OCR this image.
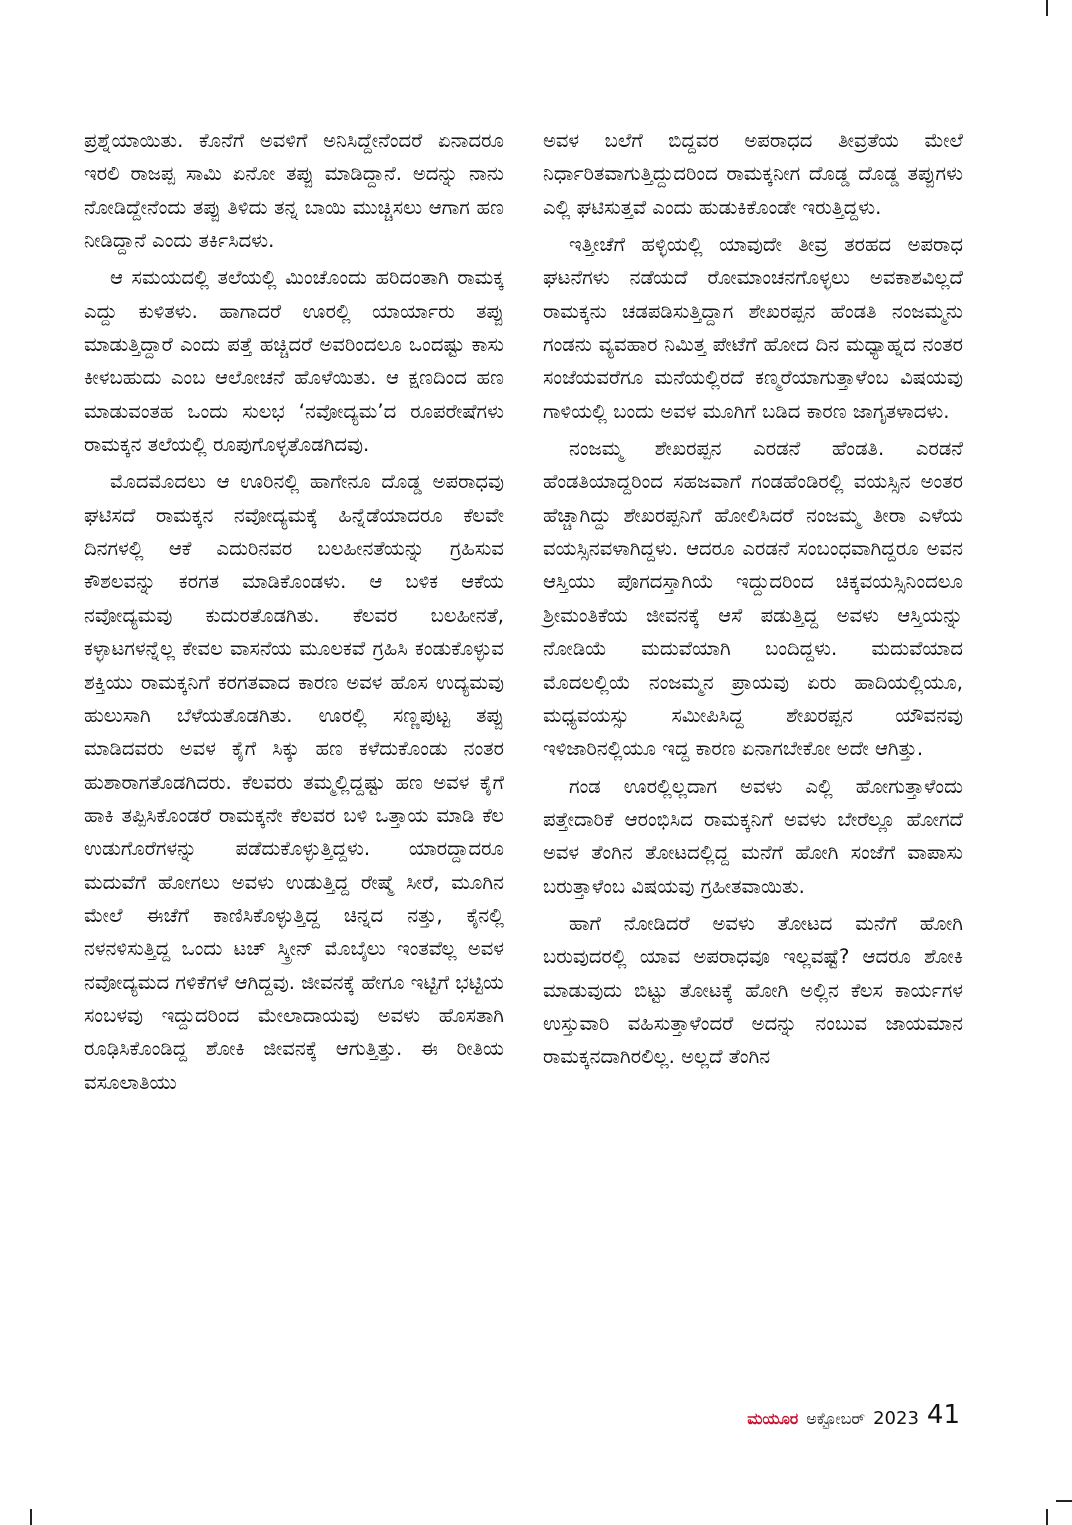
ಪ್ರಶ್ನೆಯಾಯಿತು. ಕೊನೆಗೆ ಅವಳಿಗೆ ಅನಿಸಿದ್ದೇನೆಂದರೆ ಏನಾದರೂ ಇರಲಿ ರಾಜಪ್ಪ ಸಾಮಿ ಏನೋ ತಪ್ಪು ಮಾಡಿದ್ದಾನೆ. ಅದನ್ನು ನಾನು ನೋಡಿದ್ದೇನೆಂದು ತಪ್ಪು ತಿಳಿದು ತನ್ನ ಬಾಯಿ ಮುಚ್ಚಿಸಲು ಆಗಾಗ ಹಣ ನೀಡಿದ್ದಾನೆ ಎಂದು ತರ್ಕಿಸಿದಳು.

ಆ ಸಮಯದಲ್ಲಿ ತಲೆಯಲ್ಲಿ ಮಿಂಚೊಂದು ಹರಿದಂತಾಗಿ ರಾಮಕ್ಕ ಎದ್ದು ಕುಳಿತಳು. ಹಾಗಾದರೆ ಊರಲ್ಲಿ ಯಾರ್ಯಾರು ತಪ್ಪು ಮಾಡುತ್ತಿದ್ದಾರೆ ಎಂದು ಪತ್ತೆ ಹಚ್ಚಿದರೆ ಅವರಿಂದಲೂ ಒಂದಷ್ಟು ಕಾಸು ಕೀಳಬಹುದು ಎಂಬ ಆಲೋಚನೆ ಹೊಳೆಯಿತು. ಆ ಕ್ಷಣದಿಂದ ಹಣ ಮಾಡುವಂತಹ ಒಂದು ಸುಲಭ ‘ನವೋದ್ಯಮ’ದ ರೂಪರೇಷೆಗಳು ರಾಮಕ್ಕನ ತಲೆಯಲ್ಲಿ ರೂಪುಗೊಳ್ಳತೊಡಗಿದವು.

ಮೊದಮೊದಲು ಆ ಊರಿನಲ್ಲಿ ಹಾಗೇನೂ ದೊಡ್ಡ ಅಪರಾಧವು ಘಟಿಸದೆ ರಾಮಕ್ಕನ ನವೋದ್ಯಮಕ್ಕೆ ಹಿನ್ನೆಡೆಯಾದರೂ ಕೆಲವೇ ದಿನಗಳಲ್ಲಿ ಆಕೆ ಎದುರಿನವರ ಬಲಹೀನತೆಯನ್ನು ಗ್ರಹಿಸುವ ಕೌಶಲವನ್ನು ಕರಗತ ಮಾಡಿಕೊಂಡಳು. ಆ ಬಳಿಕ ಆಕೆಯ ನವೋದ್ಯಮವು ಕುದುರತೊಡಗಿತು. ಕೆಲವರ ಬಲಹೀನತೆ, ಕಳ್ಳಾಟಗಳನ್ನೆಲ್ಲ ಕೇವಲ ವಾಸನೆಯ ಮೂಲಕವೆ ಗ್ರಹಿಸಿ ಕಂಡುಕೊಳ್ಳುವ ಶಕ್ತಿಯು ರಾಮಕ್ಕನಿಗೆ ಕರಗತವಾದ ಕಾರಣ ಅವಳ ಹೊಸ ಉದ್ಯಮವು ಹುಲುಸಾಗಿ ಬೆಳೆಯತೊಡಗಿತು. ಊರಲ್ಲಿ ಸಣ್ಣಪುಟ್ಟ ತಪ್ಪು ಮಾಡಿದವರು ಅವಳ ಕೈಗೆ ಸಿಕ್ಕು ಹಣ ಕಳೆದುಕೊಂಡು ನಂತರ ಹುಶಾರಾಗತೊಡಗಿದರು. ಕೆಲವರು ತಮ್ಮಲ್ಲಿದ್ದಷ್ಟು ಹಣ ಅವಳ ಕೈಗೆ ಹಾಕಿ ತಪ್ಪಿಸಿಕೊಂಡರೆ ರಾಮಕ್ಕನೇ ಕೆಲವರ ಬಳಿ ಒತ್ತಾಯ ಮಾಡಿ ಕೆಲ ಉಡುಗೊರೆಗಳನ್ನು ಪಡೆದುಕೊಳ್ಳುತ್ತಿದ್ದಳು. ಯಾರದ್ದಾದರೂ ಮದುವೆಗೆ ಹೋಗಲು ಅವಳು ಉಡುತ್ತಿದ್ದ ರೇಷ್ಮೆ ಸೀರೆ, ಮೂಗಿನ ಮೇಲೆ ಈಚೆಗೆ ಕಾಣಿಸಿಕೊಳ್ಳುತ್ತಿದ್ದ ಚಿನ್ನದ ನತ್ತು, ಕೈನಲ್ಲಿ ನಳನಳಿಸುತ್ತಿದ್ದ ಒಂದು ಟಚ್ ಸ್ಕ್ರೀನ್ ಮೊಬೈಲು ಇಂತವೆಲ್ಲ ಅವಳ ನವೋದ್ಯಮದ ಗಳಿಕೆಗಳೆ ಆಗಿದ್ದವು. ಜೀವನಕ್ಕೆ ಹೇಗೂ ಇಟ್ಟಿಗೆ ಭಟ್ಟಿಯ ಸಂಬಳವು ಇದ್ದುದರಿಂದ ಮೇಲಾದಾಯವು ಅವಳು ಹೊಸತಾಗಿ ರೂಢಿಸಿಕೊಂಡಿದ್ದ ಶೋಕಿ ಜೀವನಕ್ಕೆ ಆಗುತ್ತಿತ್ತು. ಈ ರೀತಿಯ ವಸೂಲಾತಿಯು

ಅವಳ ಬಲೆಗೆ ಬಿದ್ದವರ ಅಪರಾಧದ ತೀವ್ರತೆಯ ಮೇಲೆ ನಿರ್ಧಾರಿತವಾಗುತ್ತಿದ್ದುದರಿಂದ ರಾಮಕ್ಕನೀಗ ದೊಡ್ಡ ದೊಡ್ಡ ತಪ್ಪುಗಳು ಎಲ್ಲಿ ಘಟಿಸುತ್ತವೆ ಎಂದು ಹುಡುಕಿಕೊಂಡೇ ಇರುತ್ತಿದ್ದಳು.

ಇತ್ತೀಚೆಗೆ ಹಳ್ಳಿಯಲ್ಲಿ ಯಾವುದೇ ತೀವ್ರ ತರಹದ ಅಪರಾಧ ಘಟನೆಗಳು ನಡೆಯದೆ ರೋಮಾಂಚನಗೊಳ್ಳಲು ಅವಕಾಶವಿಲ್ಲದೆ ರಾಮಕ್ಕನು ಚಡಪಡಿಸುತ್ತಿದ್ದಾಗ ಶೇಖರಪ್ಪನ ಹೆಂಡತಿ ನಂಜಮ್ಮನು ಗಂಡನು ವ್ಯವಹಾರ ನಿಮಿತ್ತ ಪೇಟೆಗೆ ಹೋದ ದಿನ ಮಧ್ಯಾಹ್ನದ ನಂತರ ಸಂಜೆಯವರೆಗೂ ಮನೆಯಲ್ಲಿರದೆ ಕಣ್ಮರೆಯಾಗುತ್ತಾಳೆಂಬ ವಿಷಯವು ಗಾಳಿಯಲ್ಲಿ ಬಂದು ಅವಳ ಮೂಗಿಗೆ ಬಡಿದ ಕಾರಣ ಜಾಗೃತಳಾದಳು.

ನಂಜಮ್ಮ ಶೇಖರಪ್ಪನ ಎರಡನೆ ಹೆಂಡತಿ. ಎರಡನೆ ಹೆಂಡತಿಯಾದ್ದರಿಂದ ಸಹಜವಾಗೆ ಗಂಡಹೆಂಡಿರಲ್ಲಿ ವಯಸ್ಸಿನ ಅಂತರ ಹೆಚ್ಚಾಗಿದ್ದು ಶೇಖರಪ್ಪನಿಗೆ ಹೋಲಿಸಿದರೆ ನಂಜಮ್ಮ ತೀರಾ ಎಳೆಯ ವಯಸ್ಸಿನವಳಾಗಿದ್ದಳು. ಆದರೂ ಎರಡನೆ ಸಂಬಂಧವಾಗಿದ್ದರೂ ಅವನ ಆಸ್ತಿಯು ಪೊಗದಸ್ತಾಗಿಯೆ ಇದ್ದುದರಿಂದ ಚಿಕ್ಕವಯಸ್ಸಿನಿಂದಲೂ ಶ್ರೀಮಂತಿಕೆಯ ಜೀವನಕ್ಕೆ ಆಸೆ ಪಡುತ್ತಿದ್ದ ಅವಳು ಆಸ್ತಿಯನ್ನು ನೋಡಿಯೆ ಮದುವೆಯಾಗಿ ಬಂದಿದ್ದಳು. ಮದುವೆಯಾದ ಮೊದಲಲ್ಲಿಯೆ ನಂಜಮ್ಮನ ಪ್ರಾಯವು ಏರು ಹಾದಿಯಲ್ಲಿಯೂ, ಮಧ್ಯವಯಸ್ಸು ಸಮೀಪಿಸಿದ್ದ ಶೇಖರಪ್ಪನ ಯೌವನವು ಇಳಿಜಾರಿನಲ್ಲಿಯೂ ಇದ್ದ ಕಾರಣ ಏನಾಗಬೇಕೋ ಅದೇ ಆಗಿತ್ತು.

ಗಂಡ ಊರಲ್ಲಿಲ್ಲದಾಗ ಅವಳು ಎಲ್ಲಿ ಹೋಗುತ್ತಾಳೆಂದು ಪತ್ತೇದಾರಿಕೆ ಆರಂಭಿಸಿದ ರಾಮಕ್ಕನಿಗೆ ಅವಳು ಬೇರೆಲ್ಲೂ ಹೋಗದೆ ಅವಳ ತೆಂಗಿನ ತೋಟದಲ್ಲಿದ್ದ ಮನೆಗೆ ಹೋಗಿ ಸಂಜೆಗೆ ವಾಪಾಸು ಬರುತ್ತಾಳೆಂಬ ವಿಷಯವು ಗ್ರಹೀತವಾಯಿತು.

ಹಾಗೆ ನೋಡಿದರೆ ಅವಳು ತೋಟದ ಮನೆಗೆ ಹೋಗಿ ಬರುವುದರಲ್ಲಿ ಯಾವ ಅಪರಾಧವೂ ಇಲ್ಲವಷ್ಟೆ? ಆದರೂ ಶೋಕಿ ಮಾಡುವುದು ಬಿಟ್ಟು ತೋಟಕ್ಕೆ ಹೋಗಿ ಅಲ್ಲಿನ ಕೆಲಸ ಕಾರ್ಯಗಳ ಉಸ್ತುವಾರಿ ವಹಿಸುತ್ತಾಳೆಂದರೆ ಅದನ್ನು ನಂಬುವ ಜಾಯಮಾನ ರಾಮಕ್ಕನದಾಗಿರಲಿಲ್ಲ. ಅಲ್ಲದೆ ತೆಂಗಿನ

ಮಯೂರ ಅಕ್ಟೋಬರ್ 2023 41
